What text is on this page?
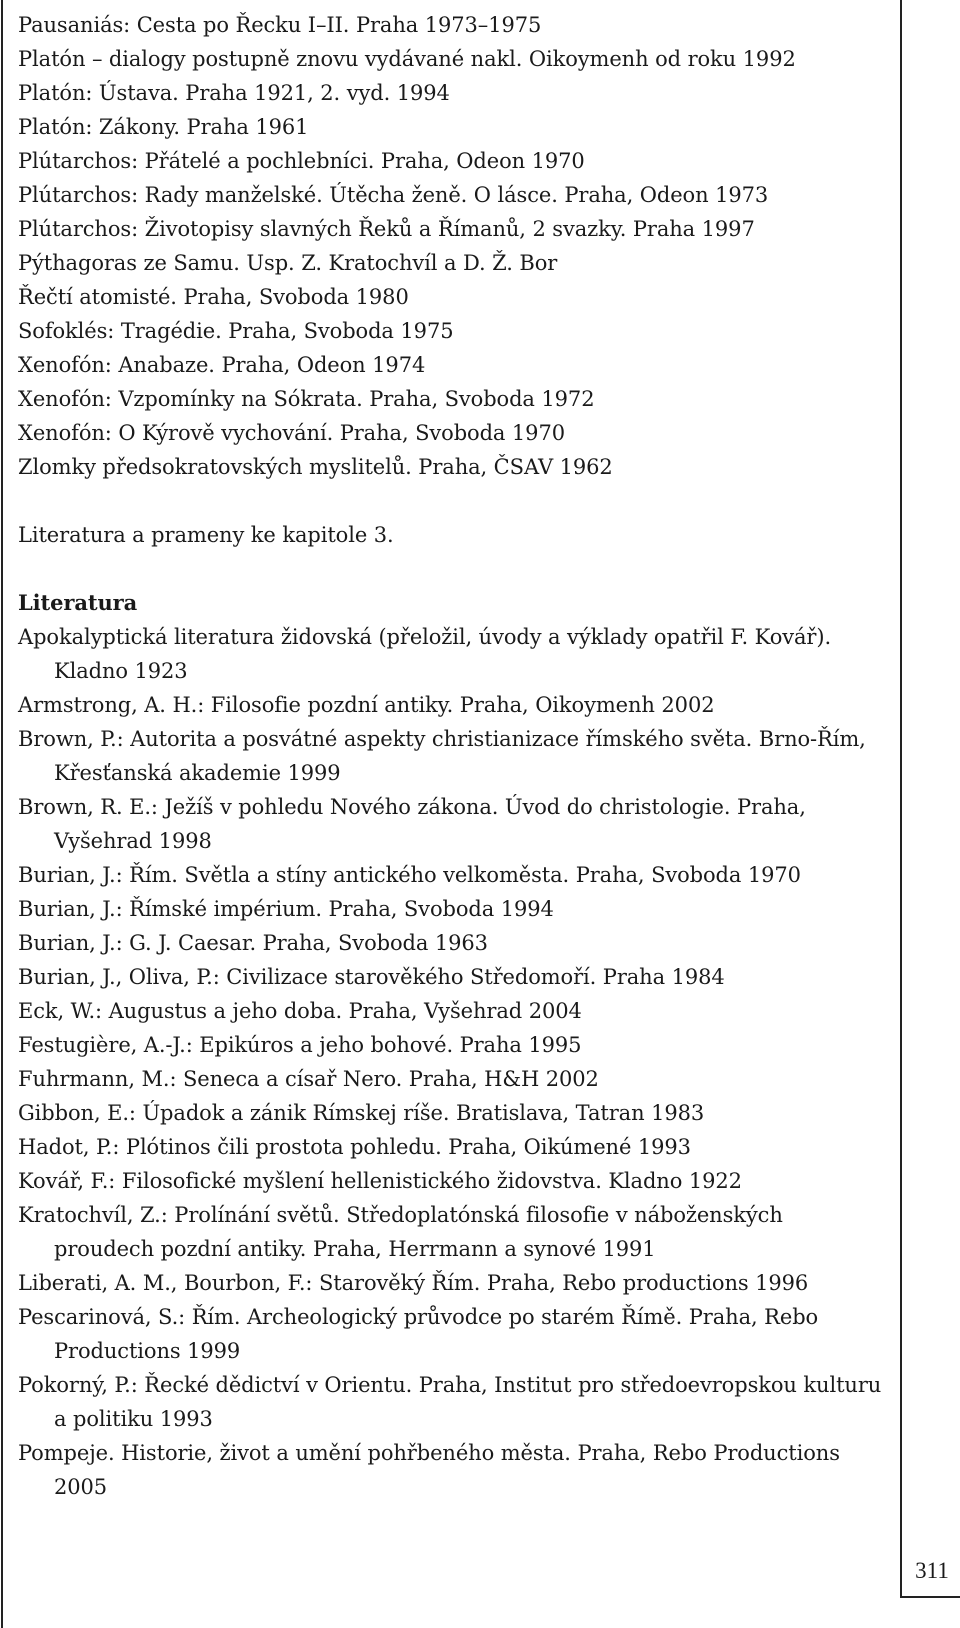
Pausaniás: Cesta po Řecku I–II. Praha 1973–1975

Platón – dialogy postupně znovu vydávané nakl. Oikoymenh od roku 1992

Platón: Ústava. Praha 1921, 2. vyd. 1994

Platón: Zákony. Praha 1961

Plútarchos: Přátelé a pochlebníci. Praha, Odeon 1970

Plútarchos: Rady manželské. Útěcha ženě. O lásce. Praha, Odeon 1973

Plútarchos: Životopisy slavných Řeků a Římanů, 2 svazky. Praha 1997

Pýthagoras ze Samu. Usp. Z. Kratochvíl a D. Ž. Bor

Řečtí atomisté. Praha, Svoboda 1980

Sofoklés: Tragédie. Praha, Svoboda 1975

Xenofón: Anabaze. Praha, Odeon 1974

Xenofón: Vzpomínky na Sókrata. Praha, Svoboda 1972

Xenofón: O Kýrově vychování. Praha, Svoboda 1970

Zlomky předsokratovských myslitelů. Praha, ČSAV 1962

Literatura a prameny ke kapitole 3.

Literatura

Apokalyptická literatura židovská (přeložil, úvody a výklady opatřil F. Kovář). Kladno 1923

Armstrong, A. H.: Filosofie pozdní antiky. Praha, Oikoymenh 2002

Brown, P.: Autorita a posvátné aspekty christianizace římského světa. Brno-Řím, Křesťanská akademie 1999

Brown, R. E.: Ježíš v pohledu Nového zákona. Úvod do christologie. Praha, Vyšehrad 1998

Burian, J.: Řím. Světla a stíny antického velkoměsta. Praha, Svoboda 1970

Burian, J.: Římské impérium. Praha, Svoboda 1994

Burian, J.: G. J. Caesar. Praha, Svoboda 1963

Burian, J., Oliva, P.: Civilizace starověkého Středomoří. Praha 1984

Eck, W.: Augustus a jeho doba. Praha, Vyšehrad 2004

Festugière, A.-J.: Epikúros a jeho bohové. Praha 1995

Fuhrmann, M.: Seneca a císař Nero. Praha, H&H 2002

Gibbon, E.: Úpadok a zánik Rímskej ríše. Bratislava, Tatran 1983

Hadot, P.: Plótinos čili prostota pohledu. Praha, Oikúmené 1993

Kovář, F.: Filosofické myšlení hellenistického židovstva. Kladno 1922

Kratochvíl, Z.: Prolínání světů. Středoplatónská filosofie v náboženských proudech pozdní antiky. Praha, Herrmann a synové 1991

Liberati, A. M., Bourbon, F.: Starověký Řím. Praha, Rebo productions 1996

Pescarinová, S.: Řím. Archeologický průvodce po starém Římě. Praha, Rebo Productions 1999

Pokorný, P.: Řecké dědictví v Orientu. Praha, Institut pro středoevropskou kulturu a politiku 1993

Pompeje. Historie, život a umění pohřbeného města. Praha, Rebo Productions 2005

311
